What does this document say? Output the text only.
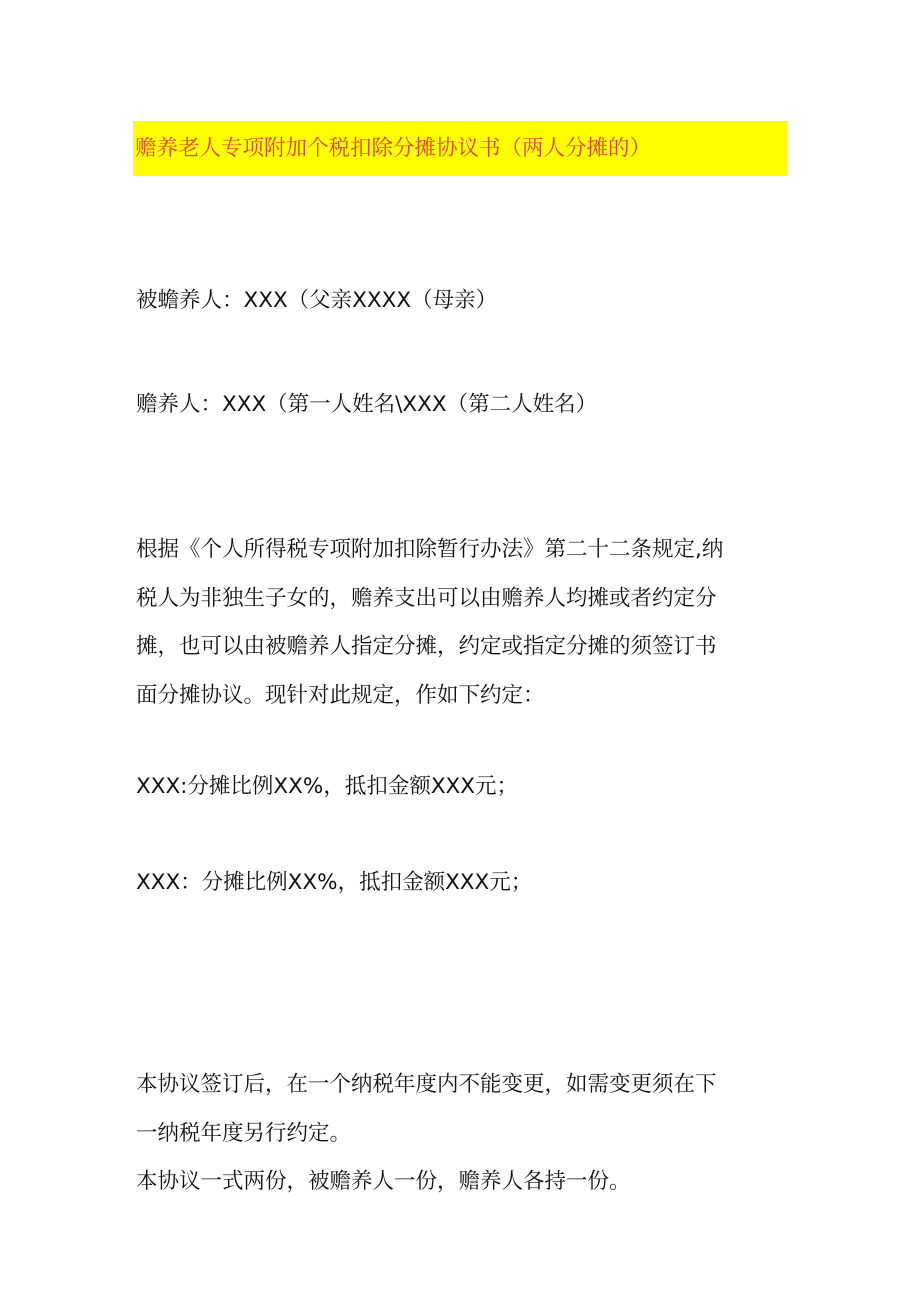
赡养老人专项附加个税扣除分摊协议书（两人分摊的）
被蟾养人：XXX（父亲XXXX（母亲）
赡养人：XXX（第一人姓名\XXX（第二人姓名）
根据《个人所得税专项附加扣除暂行办法》第二十二条规定,纳
税人为非独生子女的，赡养支出可以由赡养人均摊或者约定分
摊，也可以由被赡养人指定分摊，约定或指定分摊的须签订书
面分摊协议。现针对此规定，作如下约定：
XXX:分摊比例XX%，抵扣金额XXX元；
XXX：分摊比例XX%，抵扣金额XXX元；
本协议签订后，在一个纳税年度内不能变更，如需变更须在下
一纳税年度另行约定。
本协议一式两份，被赡养人一份，赡养人各持一份。
